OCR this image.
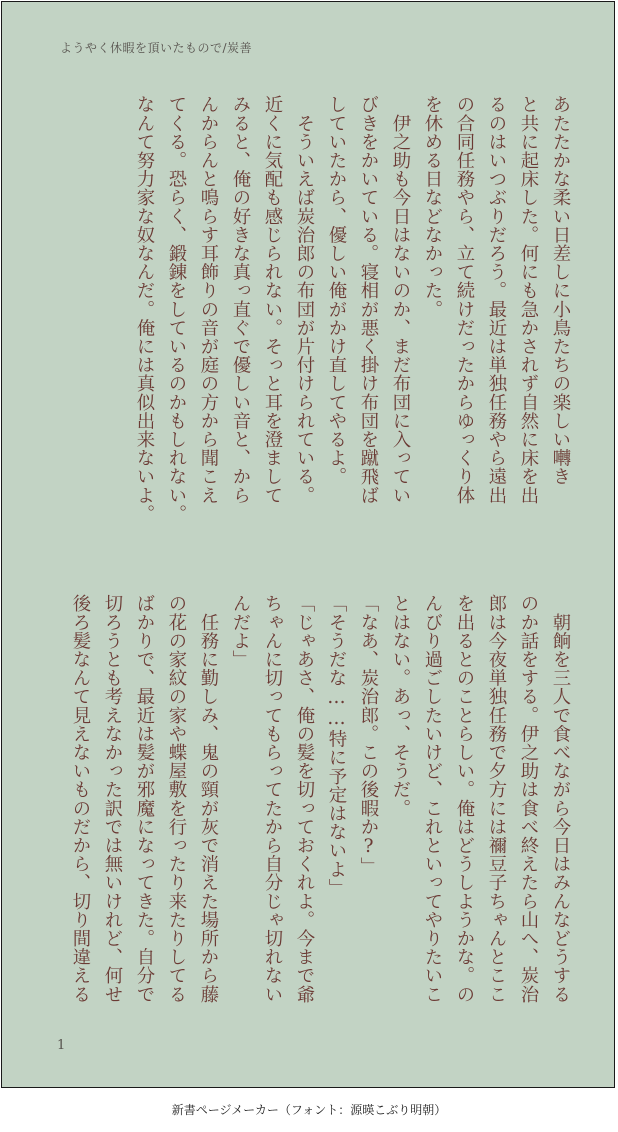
ようやく休暇を頂いたもので/炭善

あたたかな柔い日差しに小鳥たちの楽しい囀き

と共に起床した。何にも急かされず自然に床を出

るのはいつぶりだろう。最近は単独任務やら遠出

の合同任務やら、立て続けだったからゆっくり体

を休める日などなかった。

　伊之助も今日はないのか、まだ布団に入ってい

びきをかいている。寝相が悪く掛け布団を蹴飛ば

していたから、優しい俺がかけ直してやるよ。

　そういえば炭治郎の布団が片付けられている。

近くに気配も感じられない。そっと耳を澄まして

みると、俺の好きな真っ直ぐで優しい音と、から

んからんと鳴らす耳飾りの音が庭の方から聞こえ

てくる。恐らく、鍛錬をしているのかもしれない。

なんて努力家な奴なんだ。俺には真似出来ないよ。

　朝餉を三人で食べながら今日はみんなどうする

のか話をする。伊之助は食べ終えたら山へ、炭治

郎は今夜単独任務で夕方には禰豆子ちゃんとここ

を出るとのことらしい。俺はどうしようかな。の

んびり過ごしたいけど、これといってやりたいこ

とはない。あっ、そうだ。

「なあ、炭治郎。この後暇か?」

「そうだな……特に予定はないよ」

「じゃあさ、俺の髪を切っておくれよ。今まで爺

ちゃんに切ってもらってたから自分じゃ切れない

んだよ」

　任務に勤しみ、鬼の頸が灰で消えた場所から藤

の花の家紋の家や蝶屋敷を行ったり来たりしてる

ばかりで、最近は髪が邪魔になってきた。自分で

切ろうとも考えなかった訳では無いけれど、何せ

後ろ髪なんて見えないものだから、切り間違える

1
新書ページメーカー（フォント：源暎こぶり明朝）
